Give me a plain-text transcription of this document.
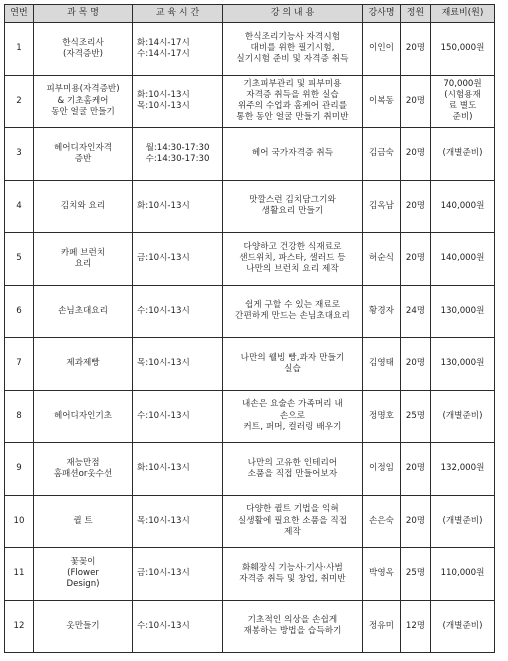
연번	과 목 명	교 육 시 간	강 의 내 용	강사명	정원	재료비(원)
1	한식조리사
(자격증반)	화:14시-17시
수:14시-17시	한식조리기능사 자격시험
대비를 위한 필기시험,
실기시험 준비 및 자격증 취득	이인이	20명	150,000원
2	피부미용(자격증반)
& 기초홈케어
동안 얼굴 만들기	화:10시-13시
목:10시-13시	기초피부관리 및 피부미용
자격증 취득을 위한 실습
위주의 수업과 홈케어 관리를
통한 동안 얼굴 만들기 취미반	이복동	20명	70,000원
(시험용재
료 별도
준비)
3	헤어디자인자격
증반	월:14:30-17:30
수:14:30-17:30	헤어 국가자격증 취득	김금숙	20명	(개별준비)
4	김치와 요리	화:10시-13시	맛깔스런 김치담그기와
생활요리 만들기	김옥남	20명	140,000원
5	카페 브런치
요리	금:10시-13시	다양하고 건강한 식재료로
샌드위치, 파스타, 샐러드 등
나만의 브런치 요리 제작	허순식	20명	140,000원
6	손님초대요리	수:10시-13시	쉽게 구할 수 있는 재료로
간편하게 만드는 손님초대요리	황경자	24명	130,000원
7	제과제빵	목:10시-13시	나만의 웰빙 빵,과자 만들기
실습	김영태	20명	130,000원
8	헤어디자인기초	수:10시-13시	내손은 요술손 가족머리 내
손으로
커트, 퍼머, 컬러링 배우기	정명호	25명	(개별준비)
9	재능만점
홈패션or옷수선	화:10시-13시	나만의 고유한 인테리어
소품을 직접 만들어보자	이정임	20명	132,000원
10	퀼 트	목:10시-13시	다양한 퀼트 기법을 익혀
실생활에 필요한 소품을 직접
제작	손은숙	20명	(개별준비)
11	꽃꽂이
(Flower
Design)	금:10시-13시	화훼장식 기능사·기사·사범
자격증 취득 및 창업, 취미반	박영옥	25명	110,000원
12	옷만들기	수:10시-13시	기초적인 의상을 손쉽게
재봉하는 방법을 습득하기	정유미	12명	(개별준비)
